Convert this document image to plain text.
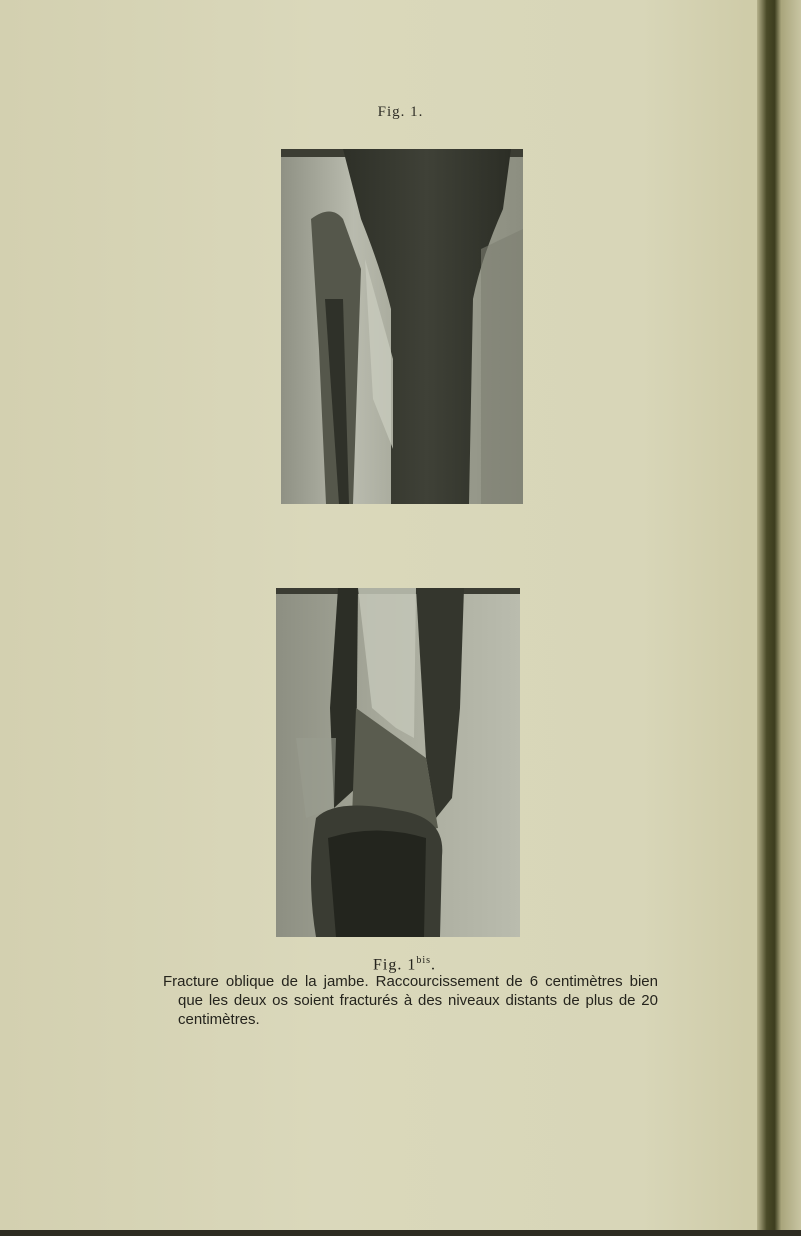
Fig. 1.
Fig. $1^{bis}$.
Fracture oblique de la jambe. Raccourcissement de 6 centimètres bien que les deux os soient fracturés à des niveaux distants de plus de 20 centimètres.
